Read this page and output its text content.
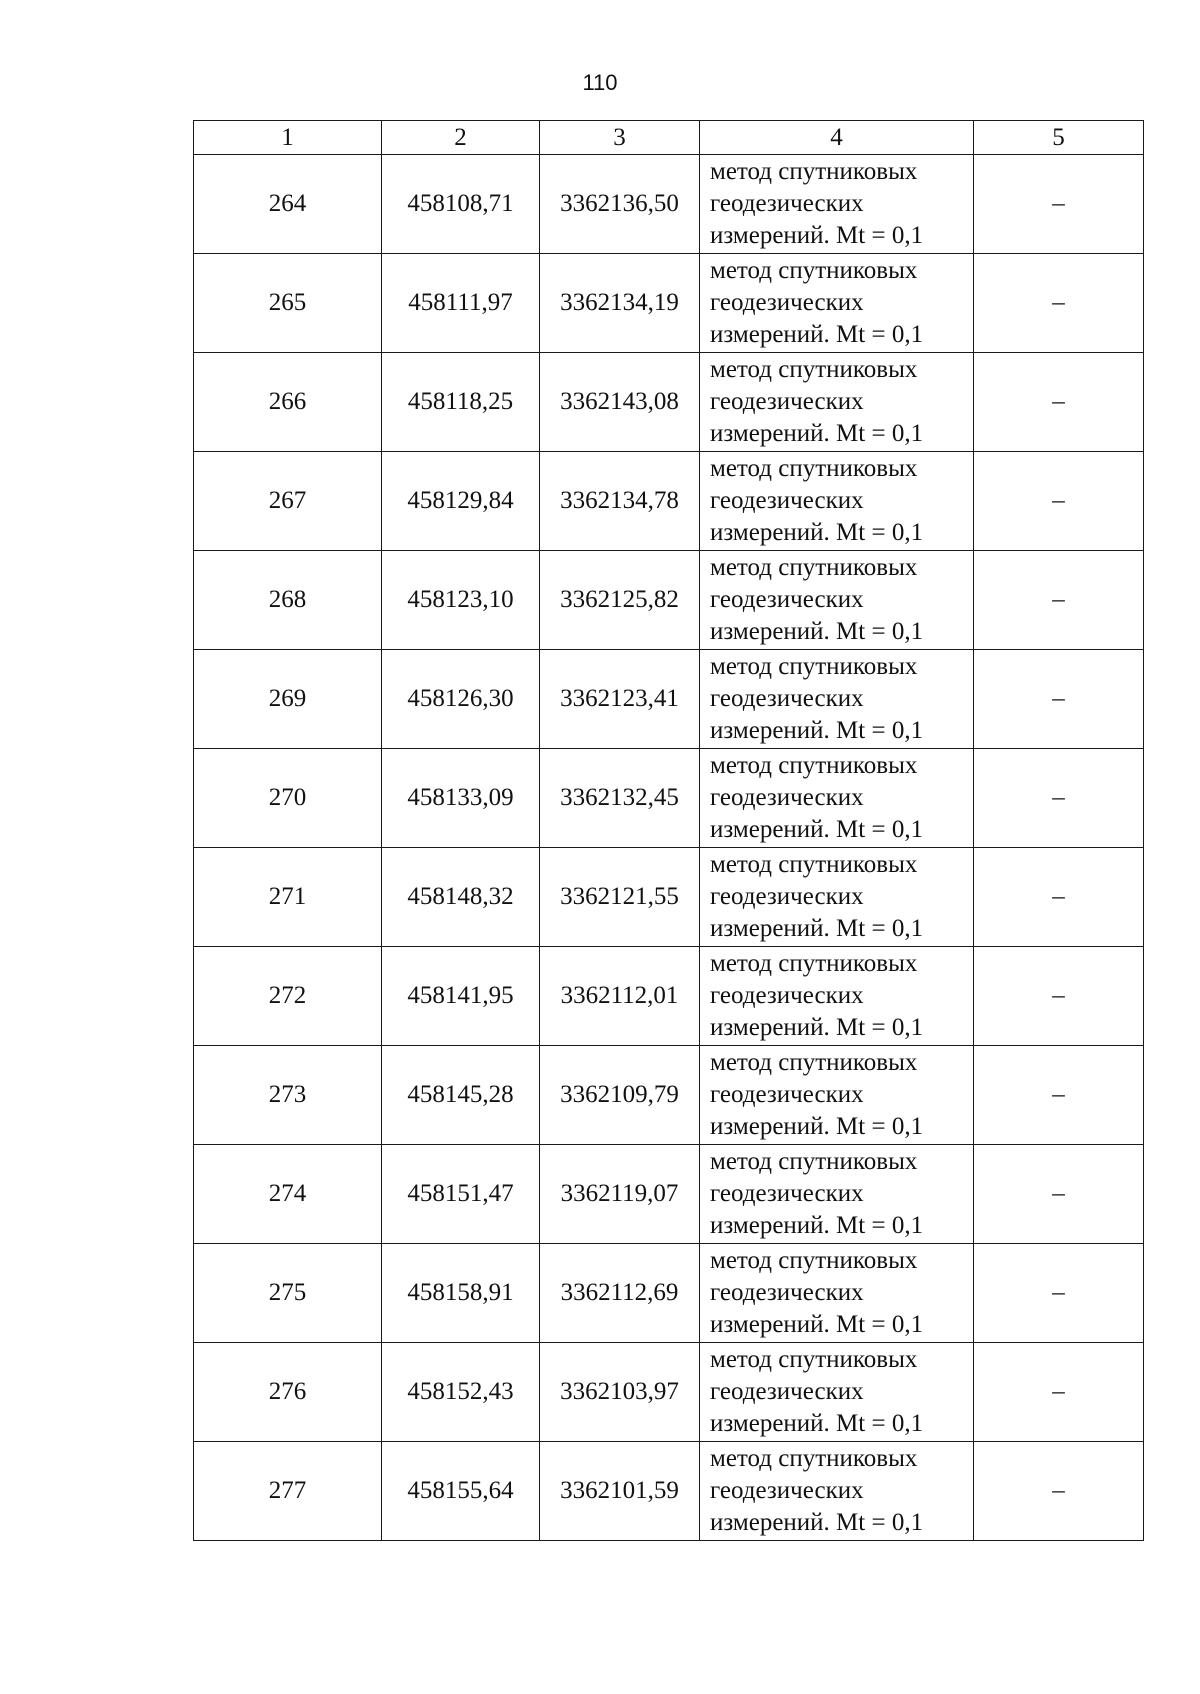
110
1	2	3	4	5
264	458108,71	3362136,50	метод спутниковых
геодезических
измерений. Mt = 0,1	–
265	458111,97	3362134,19	метод спутниковых
геодезических
измерений. Mt = 0,1	–
266	458118,25	3362143,08	метод спутниковых
геодезических
измерений. Mt = 0,1	–
267	458129,84	3362134,78	метод спутниковых
геодезических
измерений. Mt = 0,1	–
268	458123,10	3362125,82	метод спутниковых
геодезических
измерений. Mt = 0,1	–
269	458126,30	3362123,41	метод спутниковых
геодезических
измерений. Mt = 0,1	–
270	458133,09	3362132,45	метод спутниковых
геодезических
измерений. Mt = 0,1	–
271	458148,32	3362121,55	метод спутниковых
геодезических
измерений. Mt = 0,1	–
272	458141,95	3362112,01	метод спутниковых
геодезических
измерений. Mt = 0,1	–
273	458145,28	3362109,79	метод спутниковых
геодезических
измерений. Mt = 0,1	–
274	458151,47	3362119,07	метод спутниковых
геодезических
измерений. Mt = 0,1	–
275	458158,91	3362112,69	метод спутниковых
геодезических
измерений. Mt = 0,1	–
276	458152,43	3362103,97	метод спутниковых
геодезических
измерений. Mt = 0,1	–
277	458155,64	3362101,59	метод спутниковых
геодезических
измерений. Mt = 0,1	–
